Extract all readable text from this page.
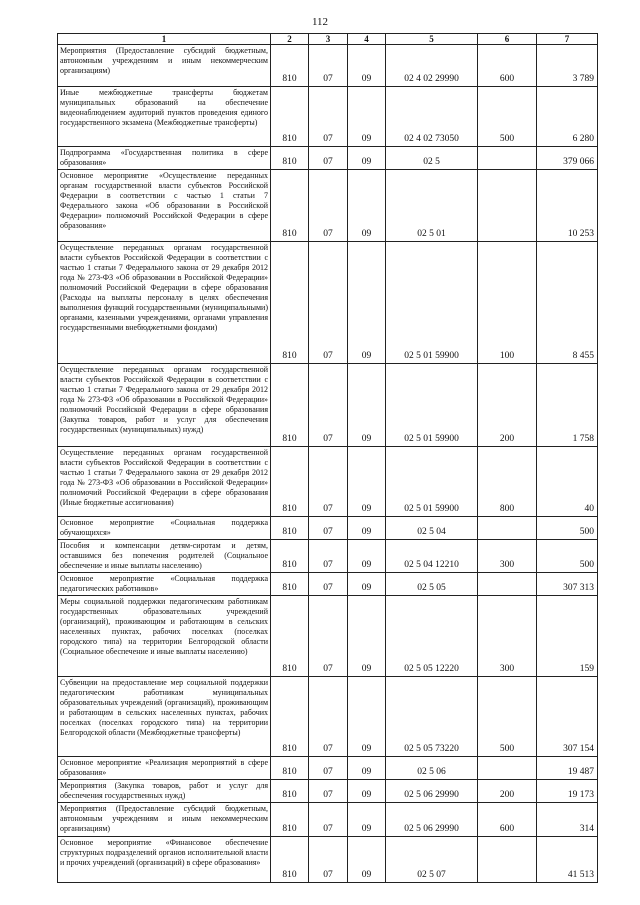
112
1	2	3	4	5	6	7
Мероприятия (Предоставление субсидий бюджетным, автономным учреждениям и иным некоммерческим организациям)	810	07	09	02 4 02 29990	600	3 789
Иные межбюджетные трансферты бюджетам муниципальных образований на обеспечение видеонаблюдением аудиторий пунктов проведения единого государственного экзамена (Межбюджетные трансферты)	810	07	09	02 4 02 73050	500	6 280
Подпрограмма «Государственная политика в сфере образования»	810	07	09	02 5		379 066
Основное мероприятие «Осуществление переданных органам государственной власти субъектов Российской Федерации в соответствии с частью 1 статьи 7 Федерального закона «Об образовании в Российской Федерации» полномочий Российской Федерации в сфере образования»	810	07	09	02 5 01		10 253
Осуществление переданных органам государственной власти субъектов Российской Федерации в соответствии с частью 1 статьи 7 Федерального закона от 29 декабря 2012 года № 273-ФЗ «Об образовании в Российской Федерации» полномочий Российской Федерации в сфере образования (Расходы на выплаты персоналу в целях обеспечения выполнения функций государственными (муниципальными) органами, казенными учреждениями, органами управления государственными внебюджетными фондами)	810	07	09	02 5 01 59900	100	8 455
Осуществление переданных органам государственной власти субъектов Российской Федерации в соответствии с частью 1 статьи 7 Федерального закона от 29 декабря 2012 года № 273-ФЗ «Об образовании в Российской Федерации» полномочий Российской Федерации в сфере образования (Закупка товаров, работ и услуг для обеспечения государственных (муниципальных) нужд)	810	07	09	02 5 01 59900	200	1 758
Осуществление переданных органам государственной власти субъектов Российской Федерации в соответствии с частью 1 статьи 7 Федерального закона от 29 декабря 2012 года № 273-ФЗ «Об образовании в Российской Федерации» полномочий Российской Федерации в сфере образования (Иные бюджетные ассигнования)	810	07	09	02 5 01 59900	800	40
Основное мероприятие «Социальная поддержка обучающихся»	810	07	09	02 5 04		500
Пособия и компенсации детям-сиротам и детям, оставшимся без попечения родителей (Социальное обеспечение и иные выплаты населению)	810	07	09	02 5 04 12210	300	500
Основное мероприятие «Социальная поддержка педагогических работников»	810	07	09	02 5 05		307 313
Меры социальной поддержки педагогическим работникам государственных образовательных учреждений (организаций), проживающим и работающим в сельских населенных пунктах, рабочих поселках (поселках городского типа) на территории Белгородской области (Социальное обеспечение и иные выплаты населению)	810	07	09	02 5 05 12220	300	159
Субвенции на предоставление мер социальной поддержки педагогическим работникам муниципальных образовательных учреждений (организаций), проживающим и работающим в сельских населенных пунктах, рабочих поселках (поселках городского типа) на территории Белгородской области (Межбюджетные трансферты)	810	07	09	02 5 05 73220	500	307 154
Основное мероприятие «Реализация мероприятий в сфере образования»	810	07	09	02 5 06		19 487
Мероприятия (Закупка товаров, работ и услуг для обеспечения государственных нужд)	810	07	09	02 5 06 29990	200	19 173
Мероприятия (Предоставление субсидий бюджетным, автономным учреждениям и иным некоммерческим организациям)	810	07	09	02 5 06 29990	600	314
Основное мероприятие «Финансовое обеспечение структурных подразделений органов исполнительной власти и прочих учреждений (организаций) в сфере образования»	810	07	09	02 5 07		41 513
